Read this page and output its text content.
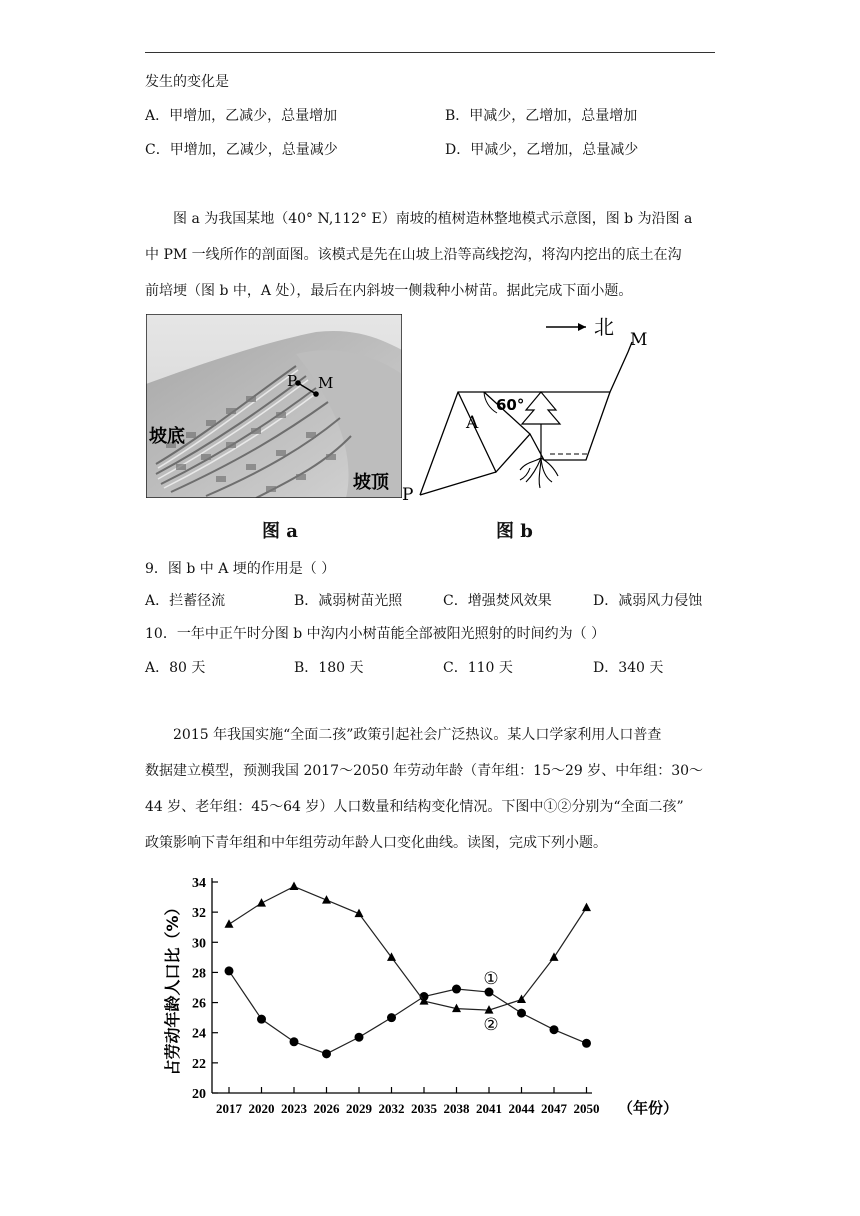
发生的变化是
A．甲增加，乙减少，总量增加	B．甲减少，乙增加，总量增加
C．甲增加，乙减少，总量减少	D．甲减少，乙增加，总量减少
图 a 为我国某地（40° N,112° E）南坡的植树造林整地模式示意图，图 b 为沿图 a
中 PM 一线所作的剖面图。该模式是先在山坡上沿等高线挖沟，将沟内挖出的底土在沟
前培埂（图 b 中，A 处），最后在内斜坡一侧栽种小树苗。据此完成下面小题。
P M
坡底
坡顶
图 a
北
M
P
60°
A
图 b
9．图 b 中 A 埂的作用是（ ）
A．拦蓄径流	B．减弱树苗光照	C．增强焚风效果	D．减弱风力侵蚀
10．一年中正午时分图 b 中沟内小树苗能全部被阳光照射的时间约为（ ）
A．80 天	B．180 天	C．110 天	D．340 天
2015 年我国实施“全面二孩”政策引起社会广泛热议。某人口学家利用人口普查
数据建立模型，预测我国 2017～2050 年劳动年龄（青年组：15～29 岁、中年组：30～
44 岁、老年组：45～64 岁）人口数量和结构变化情况。下图中①②分别为“全面二孩”
政策影响下青年组和中年组劳动年龄人口变化曲线。读图，完成下列小题。
20
22
24
26
28
30
32
34
2017 2020 2023 2026 2029 2032 2035 2038 2041 2044 2047 2050 （年份）
占劳动年龄人口比（%）	①
②
